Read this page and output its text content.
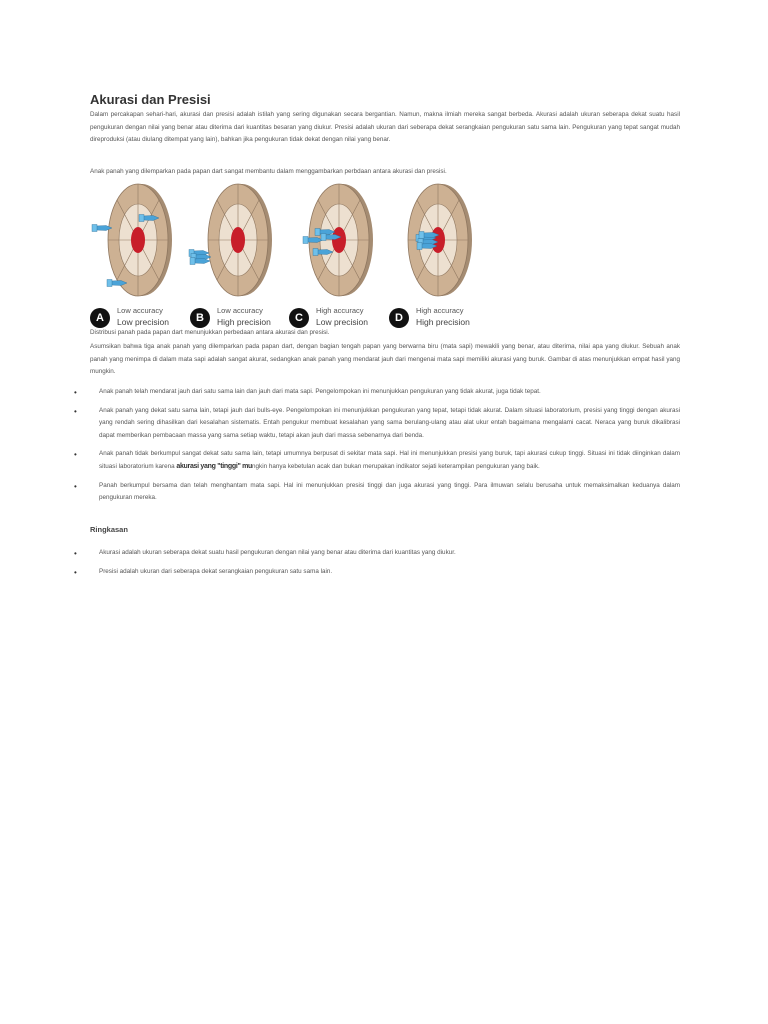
Akurasi dan Presisi

Dalam percakapan sehari-hari, akurasi dan presisi adalah istilah yang sering digunakan secara bergantian. Namun, makna ilmiah mereka sangat berbeda. Akurasi adalah ukuran seberapa dekat suatu hasil pengukuran dengan nilai yang benar atau diterima dari kuantitas besaran yang diukur. Presisi adalah ukuran dari seberapa dekat serangkaian pengukuran satu sama lain. Pengukuran yang tepat sangat mudah direproduksi (atau diulang ditempat yang lain), bahkan jika pengukuran tidak dekat dengan nilai yang benar.

Anak panah yang dilemparkan pada papan dart sangat membantu dalam menggambarkan perbdaan antara akurasi dan presisi.

A
Low accuracy
Low precision	B
Low accuracy
High precision	C
High accuracy
Low precision	D
High accuracy
High precision
Distribusi panah pada papan dart menunjukkan perbedaan antara akurasi dan presisi.

Asumsikan bahwa tiga anak panah yang dilemparkan pada papan dart, dengan bagian tengah papan yang berwarna biru (mata sapi) mewakili yang benar, atau diterima, nilai apa yang diukur. Sebuah anak panah yang menimpa di dalam mata sapi adalah sangat akurat, sedangkan anak panah yang mendarat jauh dari mengenai mata sapi memiliki akurasi yang buruk. Gambar di atas menunjukkan empat hasil yang mungkin.

•	Anak panah telah mendarat jauh dari satu sama lain dan jauh dari mata sapi. Pengelompokan ini menunjukkan pengukuran yang tidak akurat, juga tidak tepat.
•	Anak panah yang dekat satu sama lain, tetapi jauh dari bulls-eye. Pengelompokan ini menunjukkan pengukuran yang tepat, tetapi tidak akurat. Dalam situasi laboratorium, presisi yang tinggi dengan akurasi yang rendah sering dihasilkan dari kesalahan sistematis. Entah pengukur membuat kesalahan yang sama berulang-ulang atau alat ukur entah bagaimana mengalami cacat. Neraca yang buruk dikalibrasi dapat memberikan pembacaan massa yang sama setiap waktu, tetapi akan jauh dari massa sebenarnya dari benda.
•	Anak panah tidak berkumpul sangat dekat satu sama lain, tetapi umumnya berpusat di sekitar mata sapi. Hal ini menunjukkan presisi yang buruk, tapi akurasi cukup tinggi. Situasi ini tidak diinginkan dalam situasi laboratorium karena akurasi yang "tinggi" mungkin hanya kebetulan acak dan bukan merupakan indikator sejati keterampilan pengukuran yang baik.
•	Panah berkumpul bersama dan telah menghantam mata sapi. Hal ini menunjukkan presisi tinggi dan juga akurasi yang tinggi. Para ilmuwan selalu berusaha untuk memaksimalkan keduanya dalam pengukuran mereka.
Ringkasan
•	Akurasi adalah ukuran seberapa dekat suatu hasil pengukuran dengan nilai yang benar atau diterima dari kuantitas yang diukur.
•	Presisi adalah ukuran dari seberapa dekat serangkaian pengukuran satu sama lain.
